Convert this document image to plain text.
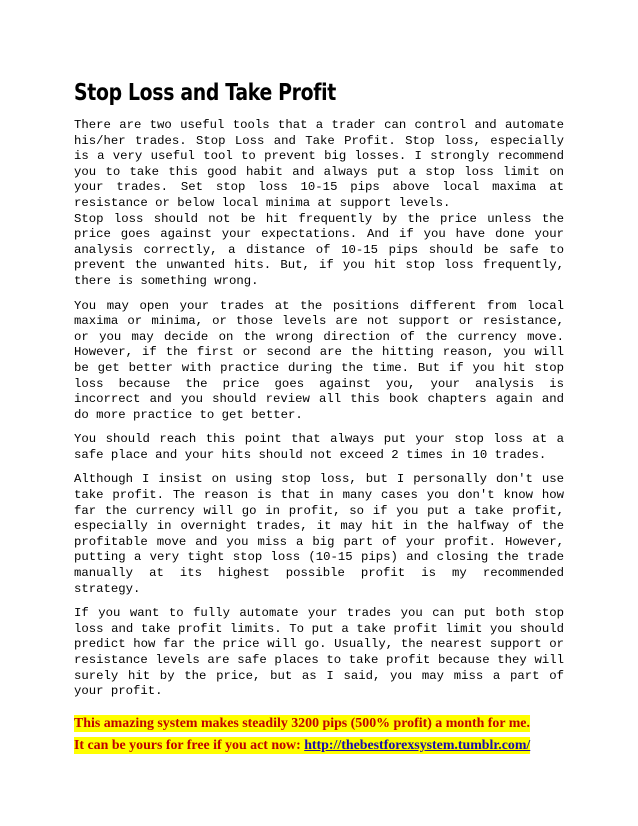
Stop Loss and Take Profit

There are two useful tools that a trader can control and automate his/her trades. Stop Loss and Take Profit. Stop loss, especially is a very useful tool to prevent big losses. I strongly recommend you to take this good habit and always put a stop loss limit on your trades. Set stop loss 10-15 pips above local maxima at resistance or below local minima at support levels.

Stop loss should not be hit frequently by the price unless the price goes against your expectations. And if you have done your analysis correctly, a distance of 10-15 pips should be safe to prevent the unwanted hits. But, if you hit stop loss frequently, there is something wrong.

You may open your trades at the positions different from local maxima or minima, or those levels are not support or resistance, or you may decide on the wrong direction of the currency move. However, if the first or second are the hitting reason, you will be get better with practice during the time. But if you hit stop loss because the price goes against you, your analysis is incorrect and you should review all this book chapters again and do more practice to get better.

You should reach this point that always put your stop loss at a safe place and your hits should not exceed 2 times in 10 trades.

Although I insist on using stop loss, but I personally don't use take profit. The reason is that in many cases you don't know how far the currency will go in profit, so if you put a take profit, especially in overnight trades, it may hit in the halfway of the profitable move and you miss a big part of your profit. However, putting a very tight stop loss (10-15 pips) and closing the trade manually at its highest possible profit is my recommended strategy.

If you want to fully automate your trades you can put both stop loss and take profit limits. To put a take profit limit you should predict how far the price will go. Usually, the nearest support or resistance levels are safe places to take profit because they will surely hit by the price, but as I said, you may miss a part of your profit.

This amazing system makes steadily 3200 pips (500% profit) a month for me.
It can be yours for free if you act now: http://thebestforexsystem.tumblr.com/
